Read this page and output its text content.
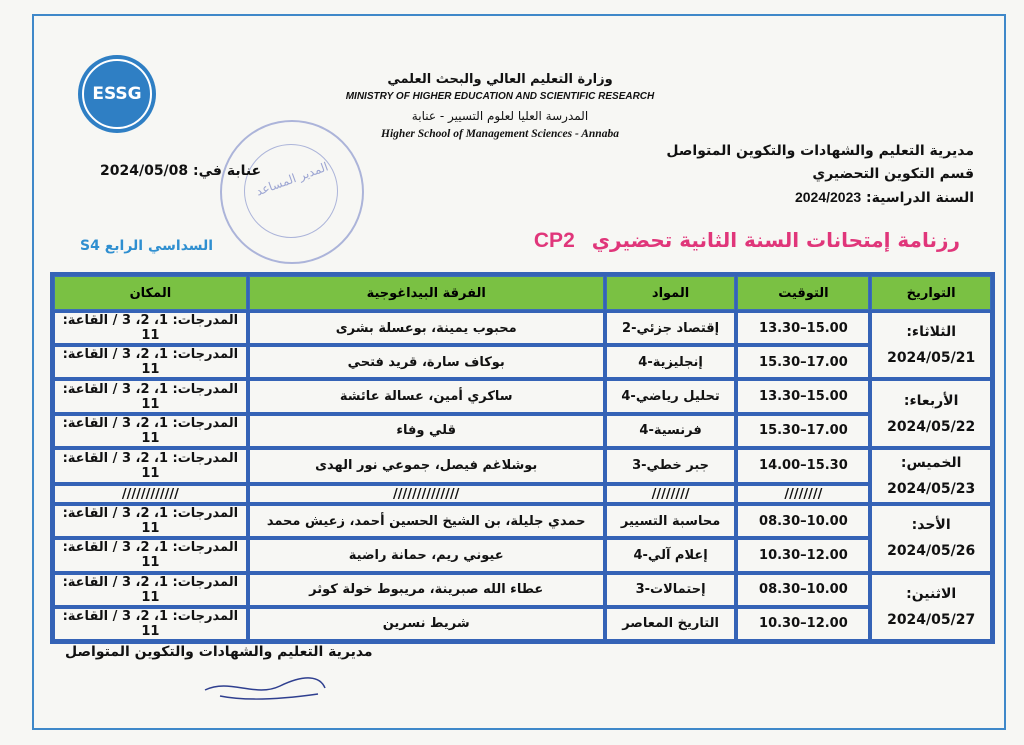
ESSG
وزارة التعليم العالي والبحث العلمي
MINISTRY OF HIGHER EDUCATION AND SCIENTIFIC RESEARCH
المدرسة العليا لعلوم التسيير - عنابة
Higher School of Management Sciences - Annaba
المدير المساعد
عنابة في: 2024/05/08
مديرية التعليم والشهادات والتكوين المتواصل
قسم التكوين التحضيري
السنة الدراسية: 2024/2023
السداسي الرابع S4	رزنامة إمتحانات السنة الثانية تحضيري CP2
التواريخ	التوقيت	المواد	الفرقة البيداغوجية	المكان

الثلاثاء:
2024/05/21	15.00–13.30	إقتصاد جزئي-2	محبوب يمينة، بوعسلة بشرى	المدرجات: 1، 2، 3 / القاعة: 11
	17.00–15.30	إنجليزية-4	بوكاف سارة، قريد فتحي	المدرجات: 1، 2، 3 / القاعة: 11

الأربعاء:
2024/05/22	15.00–13.30	تحليل رياضي-4	ساكري أمين، عسالة عائشة	المدرجات: 1، 2، 3 / القاعة: 11
	17.00–15.30	فرنسية-4	قلي وفاء	المدرجات: 1، 2، 3 / القاعة: 11

الخميس:
2024/05/23	15.30–14.00	جبر خطي-3	بوشلاغم فيصل، جموعي نور الهدى	المدرجات: 1، 2، 3 / القاعة: 11
	////////	////////	//////////////	////////////

الأحد:
2024/05/26	10.00–08.30	محاسبة التسيير	حمدي جليلة، بن الشيخ الحسين أحمد، زعيش محمد	المدرجات: 1، 2، 3 / القاعة: 11
	12.00–10.30	إعلام آلي-4	عيوني ريم، حمانة راضية	المدرجات: 1، 2، 3 / القاعة: 11

الاثنين:
2024/05/27	10.00–08.30	إحتمالات-3	عطاء الله صبرينة، مريبوط خولة كوثر	المدرجات: 1، 2، 3 / القاعة: 11
	12.00–10.30	التاريخ المعاصر	شريط نسرين	المدرجات: 1، 2، 3 / القاعة: 11
مديرية التعليم والشهادات والتكوين المتواصل
